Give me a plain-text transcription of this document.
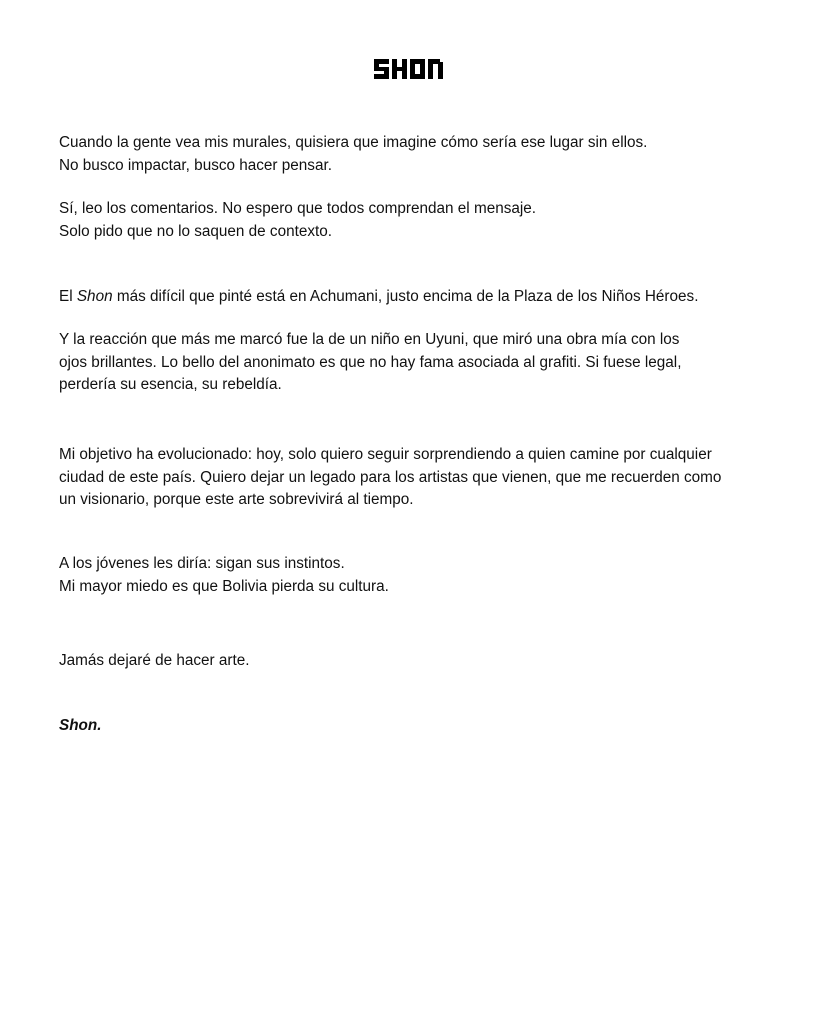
Cuando la gente vea mis murales, quisiera que imagine cómo sería ese lugar sin ellos.
No busco impactar, busco hacer pensar.
Sí, leo los comentarios. No espero que todos comprendan el mensaje.
Solo pido que no lo saquen de contexto.
El Shon más difícil que pinté está en Achumani, justo encima de la Plaza de los Niños Héroes.
Y la reacción que más me marcó fue la de un niño en Uyuni, que miró una obra mía con los
ojos brillantes. Lo bello del anonimato es que no hay fama asociada al grafiti. Si fuese legal,
perdería su esencia, su rebeldía.
Mi objetivo ha evolucionado: hoy, solo quiero seguir sorprendiendo a quien camine por cualquier
ciudad de este país. Quiero dejar un legado para los artistas que vienen, que me recuerden como
un visionario, porque este arte sobrevivirá al tiempo.
A los jóvenes les diría: sigan sus instintos.
Mi mayor miedo es que Bolivia pierda su cultura.
Jamás dejaré de hacer arte.
Shon.
